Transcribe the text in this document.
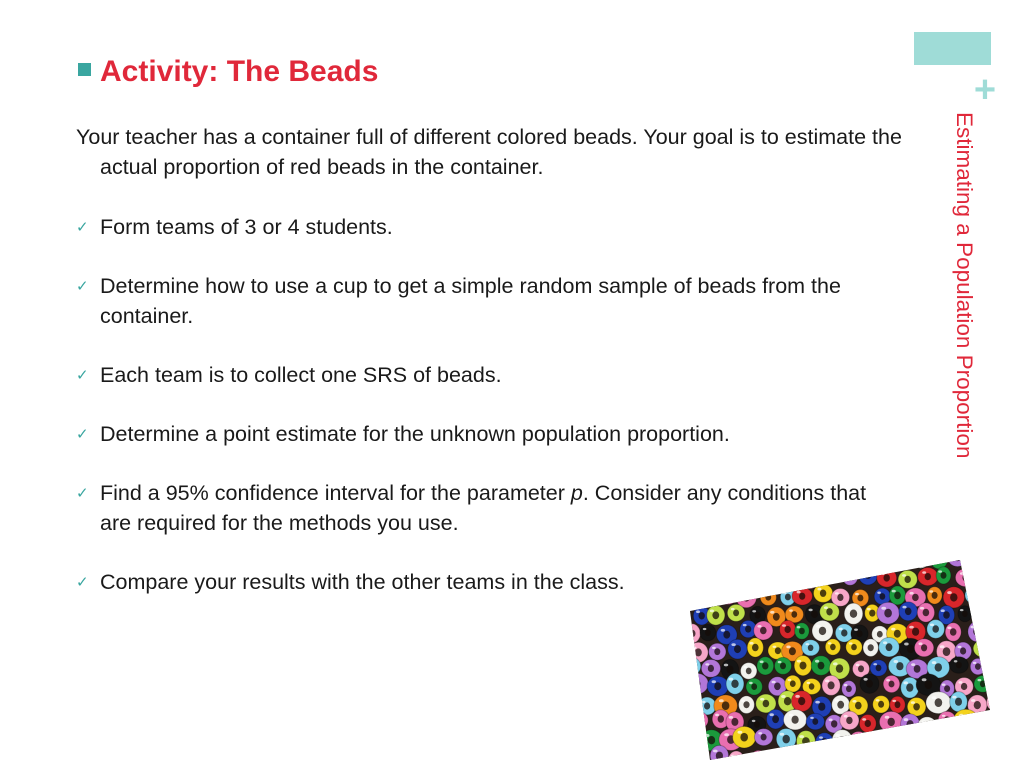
+
Estimating a Population Proportion
Activity: The Beads
Your teacher has a container full of different colored beads. Your goal is to estimate the actual proportion of red beads in the container.
✓ Form teams of 3 or 4 students.
✓ Determine how to use a cup to get a simple random sample of beads from the container.
✓ Each team is to collect one SRS of beads.
✓ Determine a point estimate for the unknown population proportion.
✓ Find a 95% confidence interval for the parameter p. Consider any conditions that are required for the methods you use.
✓ Compare your results with the other teams in the class.
